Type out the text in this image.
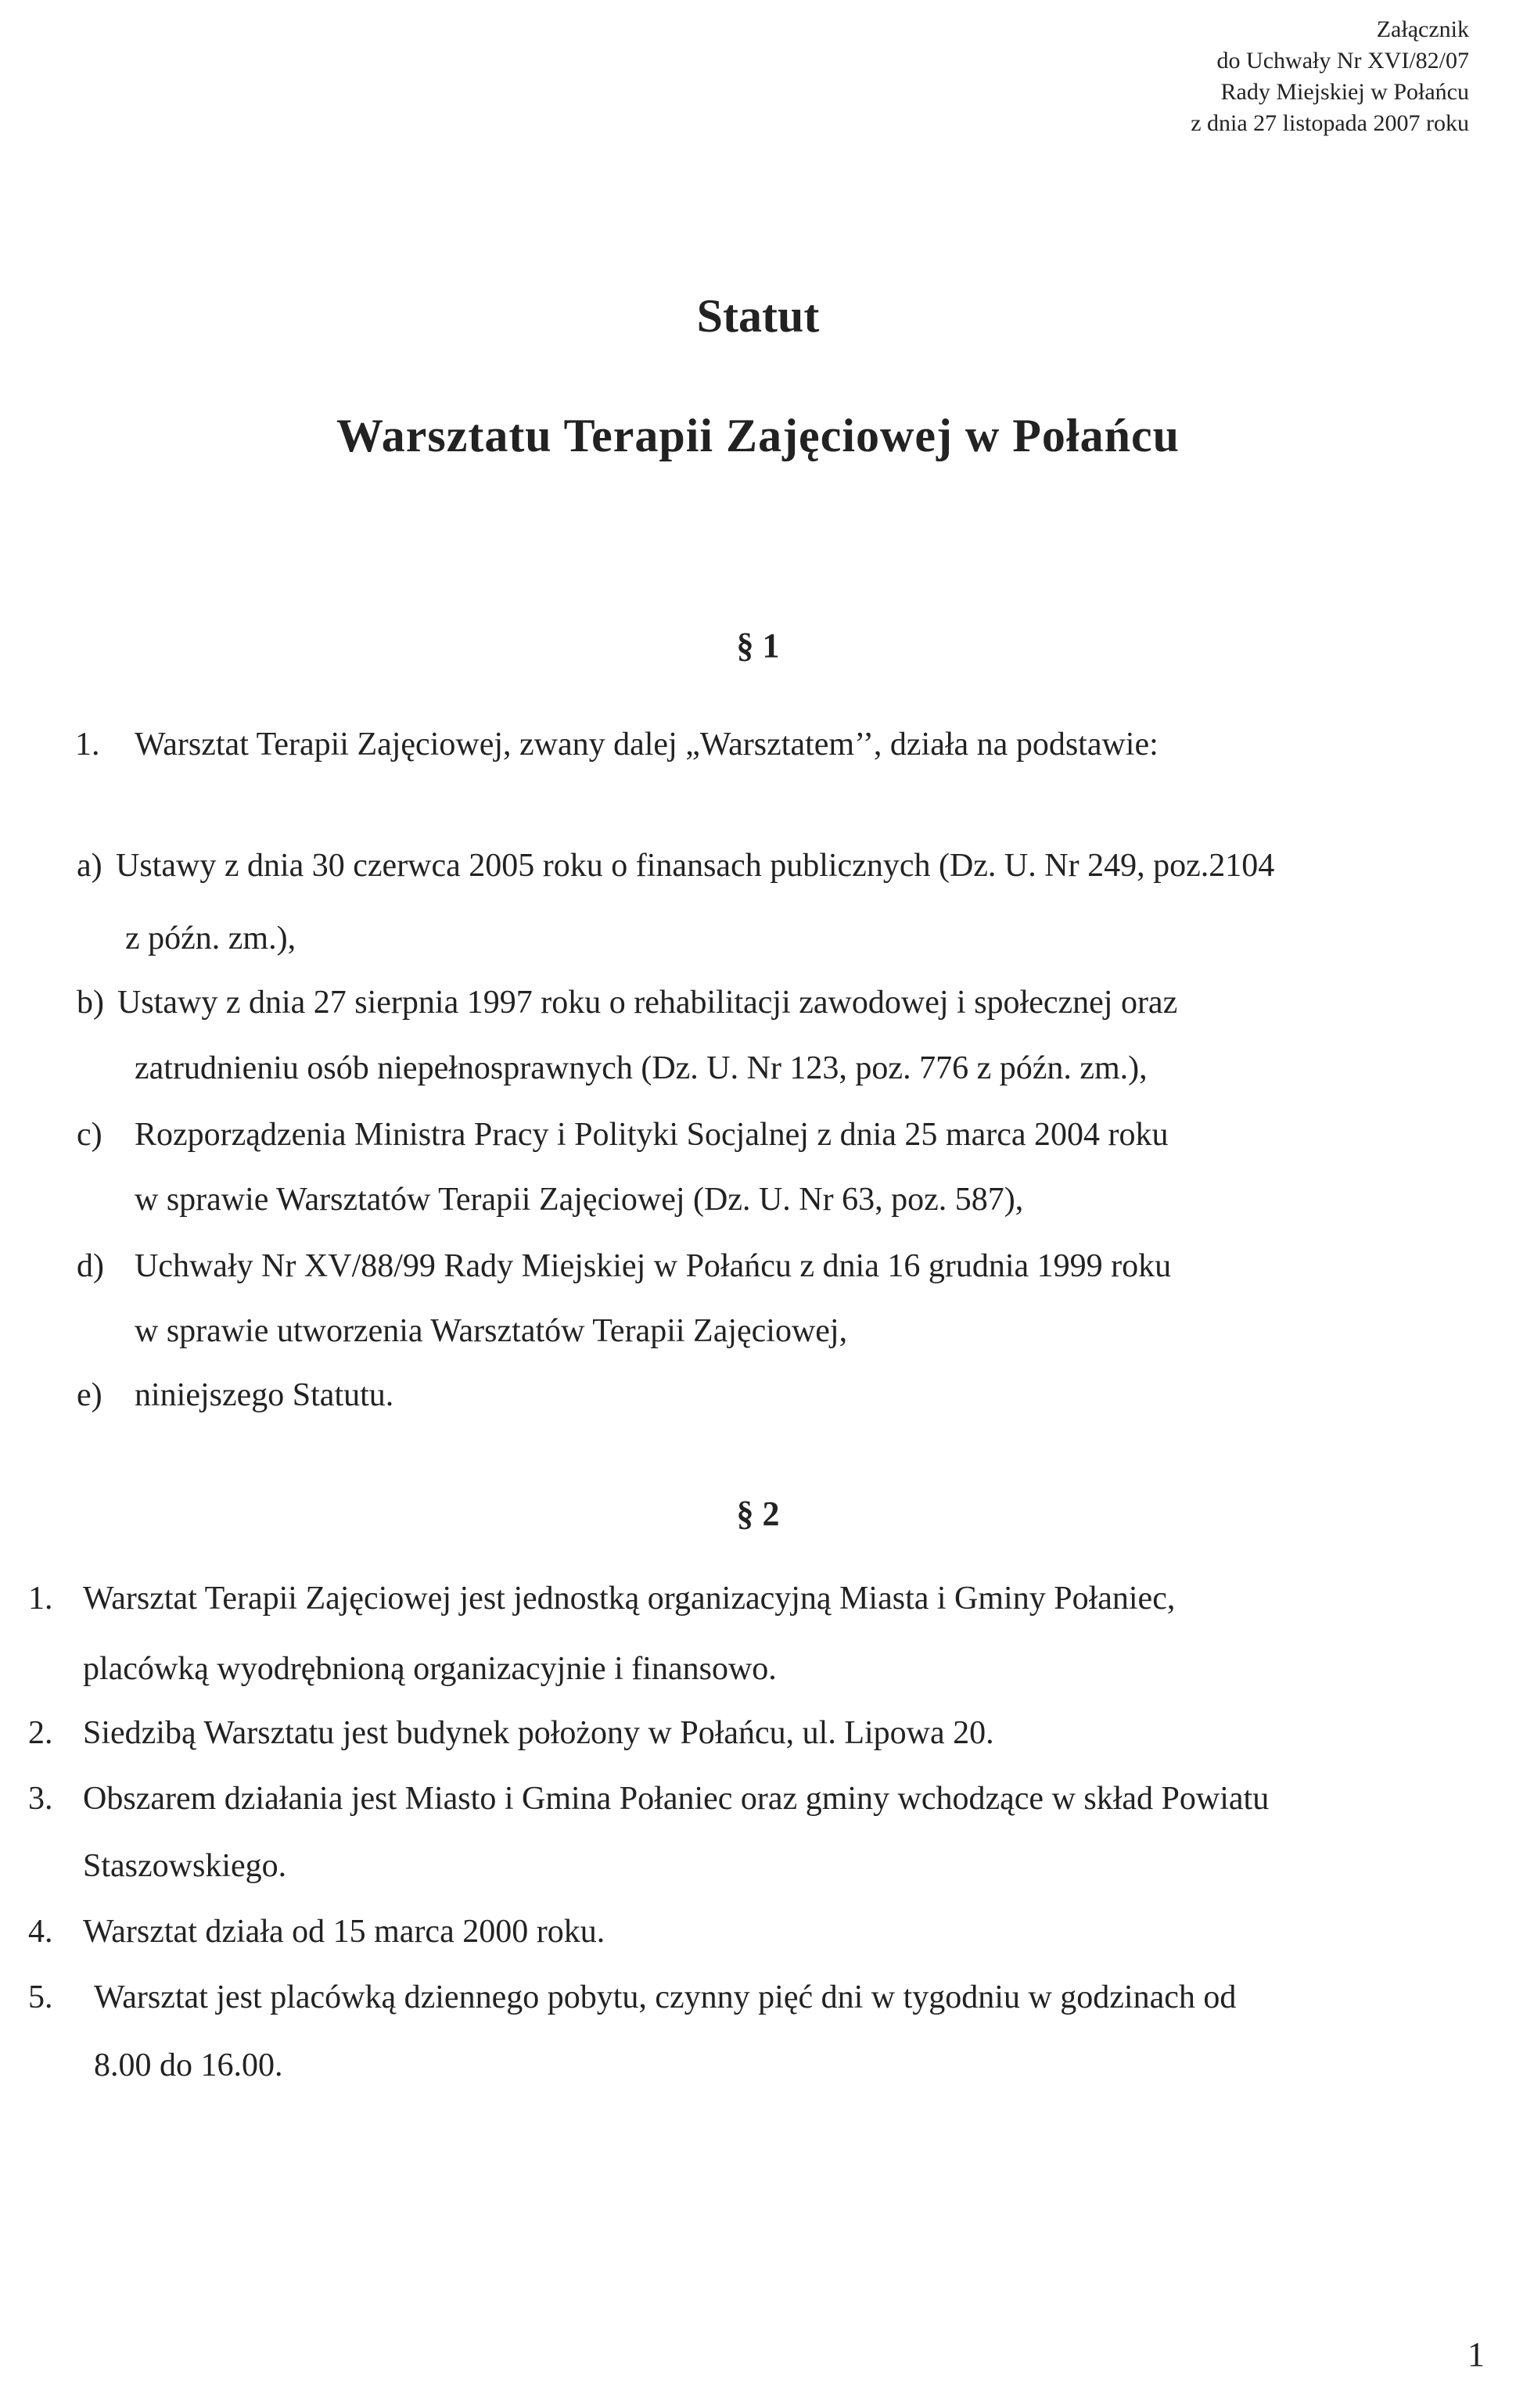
Załącznik
do Uchwały Nr XVI/82/07
Rady Miejskiej w Połańcu
z dnia 27 listopada 2007 roku
Statut
Warsztatu Terapii Zajęciowej w Połańcu
§ 1
1. Warsztat Terapii Zajęciowej, zwany dalej „Warsztatem’’, działa na podstawie:
a) Ustawy z dnia 30 czerwca 2005 roku o finansach publicznych (Dz. U. Nr 249, poz.2104
z późn. zm.),
b) Ustawy z dnia 27 sierpnia 1997 roku o rehabilitacji zawodowej i społecznej oraz
zatrudnieniu osób niepełnosprawnych (Dz. U. Nr 123, poz. 776 z późn. zm.),
c) Rozporządzenia Ministra Pracy i Polityki Socjalnej z dnia 25 marca 2004 roku
w sprawie Warsztatów Terapii Zajęciowej (Dz. U. Nr 63, poz. 587),
d) Uchwały Nr XV/88/99 Rady Miejskiej w Połańcu z dnia 16 grudnia 1999 roku
w sprawie utworzenia Warsztatów Terapii Zajęciowej,
e) niniejszego Statutu.
§ 2
1. Warsztat Terapii Zajęciowej jest jednostką organizacyjną Miasta i Gminy Połaniec,
placówką wyodrębnioną organizacyjnie i finansowo.
2. Siedzibą Warsztatu jest budynek położony w Połańcu, ul. Lipowa 20.
3. Obszarem działania jest Miasto i Gmina Połaniec oraz gminy wchodzące w skład Powiatu
Staszowskiego.
4. Warsztat działa od 15 marca 2000 roku.
5. Warsztat jest placówką dziennego pobytu, czynny pięć dni w tygodniu w godzinach od
8.00 do 16.00.
1
